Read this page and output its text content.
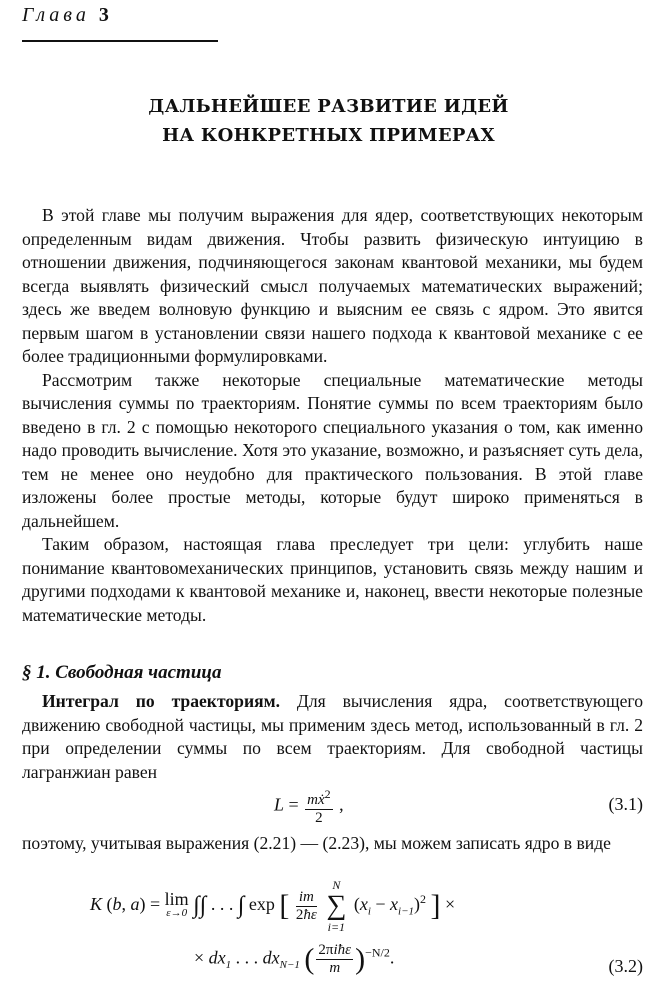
Глава 3
ДАЛЬНЕЙШЕЕ РАЗВИТИЕ ИДЕЙ
НА КОНКРЕТНЫХ ПРИМЕРАХ

В этой главе мы получим выражения для ядер, соответствующих некоторым определенным видам движения. Чтобы развить физическую интуицию в отношении движения, подчиняющегося законам квантовой механики, мы будем всегда выявлять физический смысл получаемых математических выражений; здесь же введем волновую функцию и выясним ее связь с ядром. Это явится первым шагом в установлении связи нашего подхода к квантовой механике с ее более традиционными формулировками.

Рассмотрим также некоторые специальные математические методы вычисления суммы по траекториям. Понятие суммы по всем траекториям было введено в гл. 2 с помощью некоторого специального указания о том, как именно надо проводить вычисление. Хотя это указание, возможно, и разъясняет суть дела, тем не менее оно неудобно для практического пользования. В этой главе изложены более простые методы, которые будут широко применяться в дальнейшем.

Таким образом, настоящая глава преследует три цели: углубить наше понимание квантовомеханических принципов, установить связь между нашим и другими подходами к квантовой механике и, наконец, ввести некоторые полезные математические методы.

§ 1. Свободная частица

Интеграл по траекториям. Для вычисления ядра, соответствующего движению свободной частицы, мы применим здесь метод, использованный в гл. 2 при определении суммы по всем траекториям. Для свободной частицы лагранжиан равен

$L = \frac{mẋ^2}{2}$ ,	(3.1)

поэтому, учитывая выражения (2.21) — (2.23), мы можем записать ядро в виде

K (b, a) = lim
ε→0 ∫∫ . . . ∫ exp [ $\frac{im}{2ħ\varepsilon}$

N
∑
i=1
$(x_i - x_{i-1})^2$ ] ×
× $dx_1$ . . . $dx_{N-1}$ ( $\frac{\text{2πiħε}}{m} )^{-N/2}$.	(3.2)
